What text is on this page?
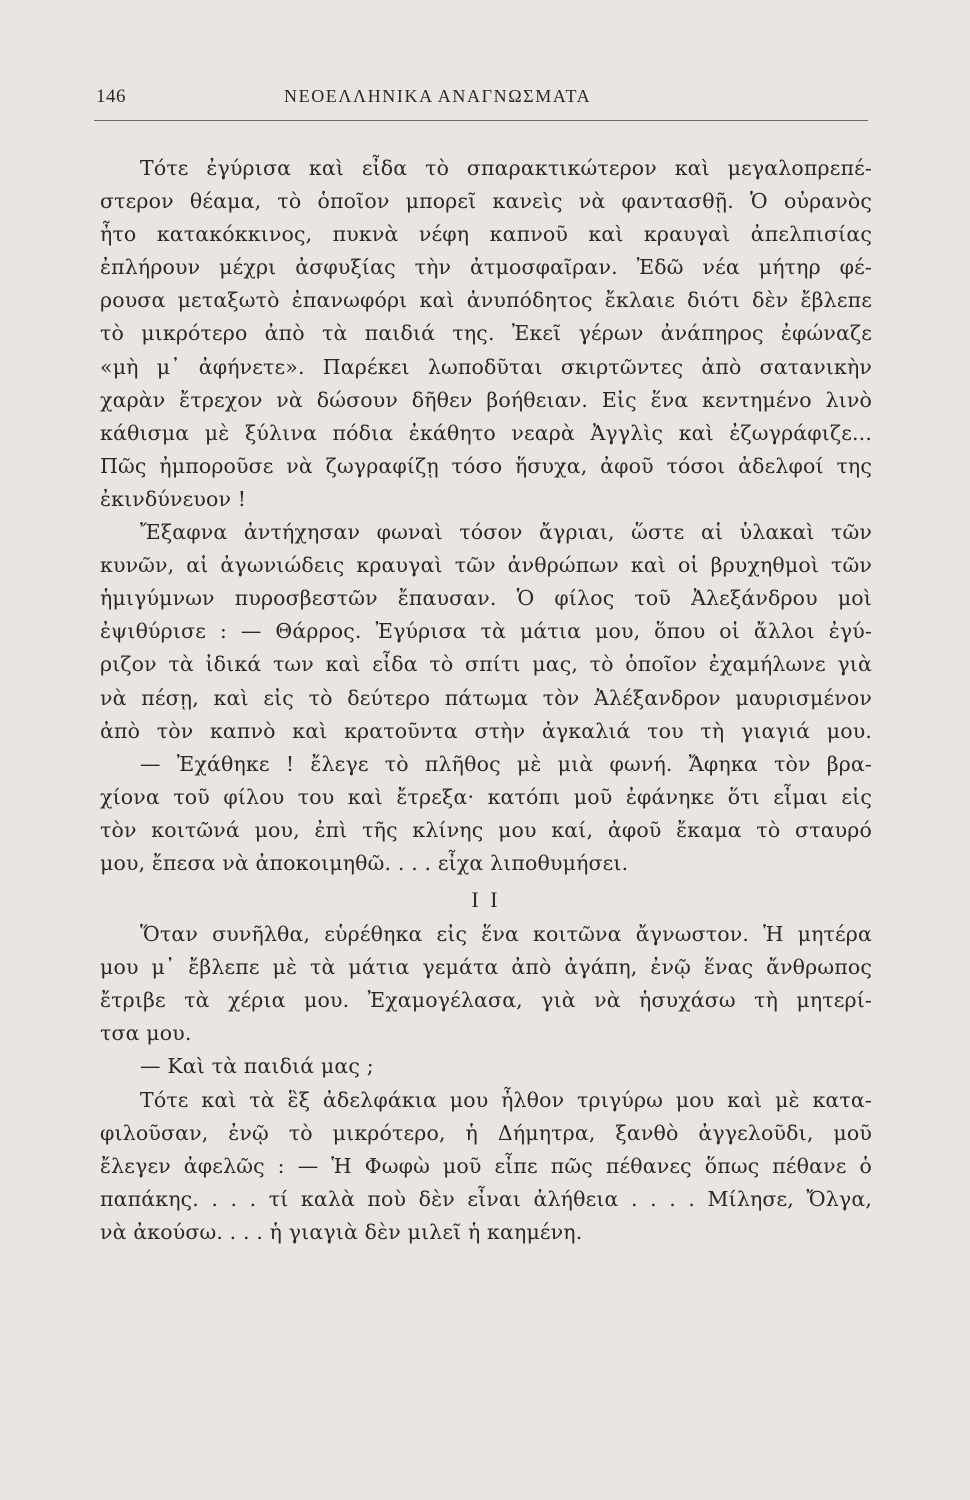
146	ΝΕΟΕΛΛΗΝΙΚΑ ΑΝΑΓΝΩΣΜΑΤΑ
Τότε ἐγύρισα καὶ εἶδα τὸ σπαρακτικώτερον καὶ μεγαλοπρεπέ-
στερον θέαμα, τὸ ὁποῖον μπορεῖ κανεὶς νὰ φαντασθῇ. Ὁ οὐρανὸς
ἦτο κατακόκκινος, πυκνὰ νέφη καπνοῦ καὶ κραυγαὶ ἀπελπισίας
ἐπλήρουν μέχρι ἀσφυξίας τὴν ἀτμοσφαῖραν. Ἐδῶ νέα μήτηρ φέ-
ρουσα μεταξωτὸ ἐπανωφόρι καὶ ἀνυπόδητος ἔκλαιε διότι δὲν ἔβλεπε
τὸ μικρότερο ἀπὸ τὰ παιδιά της. Ἐκεῖ γέρων ἀνάπηρος ἐφώναζε
«μὴ μ᾽ ἀφήνετε». Παρέκει λωποδῦται σκιρτῶντες ἀπὸ σατανικὴν
χαρὰν ἔτρεχον νὰ δώσουν δῆθεν βοήθειαν. Εἰς ἕνα κεντημένο λινὸ
κάθισμα μὲ ξύλινα πόδια ἐκάθητο νεαρὰ Ἀγγλὶς καὶ ἐζωγράφιζε...
Πῶς ἠμποροῦσε νὰ ζωγραφίζῃ τόσο ἥσυχα, ἀφοῦ τόσοι ἀδελφοί της
ἐκινδύνευον !
Ἔξαφνα ἀντήχησαν φωναὶ τόσον ἄγριαι, ὥστε αἱ ὑλακαὶ τῶν
κυνῶν, αἱ ἀγωνιώδεις κραυγαὶ τῶν ἀνθρώπων καὶ οἱ βρυχηθμοὶ τῶν
ἡμιγύμνων πυροσβεστῶν ἔπαυσαν. Ὁ φίλος τοῦ Ἀλεξάνδρου μοὶ
ἐψιθύρισε : — Θάρρος. Ἐγύρισα τὰ μάτια μου, ὅπου οἱ ἄλλοι ἐγύ-
ριζον τὰ ἰδικά των καὶ εἶδα τὸ σπίτι μας, τὸ ὁποῖον ἐχαμήλωνε γιὰ
νὰ πέσῃ, καὶ εἰς τὸ δεύτερο πάτωμα τὸν Ἀλέξανδρον μαυρισμένον
ἀπὸ τὸν καπνὸ καὶ κρατοῦντα στὴν ἀγκαλιά του τὴ γιαγιά μου.
— Ἐχάθηκε ! ἔλεγε τὸ πλῆθος μὲ μιὰ φωνή. Ἄφηκα τὸν βρα-
χίονα τοῦ φίλου του καὶ ἔτρεξα· κατόπι μοῦ ἐφάνηκε ὅτι εἶμαι εἰς
τὸν κοιτῶνά μου, ἐπὶ τῆς κλίνης μου καί, ἀφοῦ ἔκαμα τὸ σταυρό
μου, ἔπεσα νὰ ἀποκοιμηθῶ. . . . εἶχα λιποθυμήσει.
Ι Ι
Ὅταν συνῆλθα, εὑρέθηκα εἰς ἕνα κοιτῶνα ἄγνωστον. Ἡ μητέρα
μου μ᾽ ἔβλεπε μὲ τὰ μάτια γεμάτα ἀπὸ ἀγάπη, ἐνῷ ἕνας ἄνθρωπος
ἔτριβε τὰ χέρια μου. Ἐχαμογέλασα, γιὰ νὰ ἡσυχάσω τὴ μητερί-
τσα μου.
— Καὶ τὰ παιδιά μας ;
Τότε καὶ τὰ ἓξ ἀδελφάκια μου ἦλθον τριγύρω μου καὶ μὲ κατα-
φιλοῦσαν, ἐνῷ τὸ μικρότερο, ἡ Δήμητρα, ξανθὸ ἀγγελοῦδι, μοῦ
ἔλεγεν ἀφελῶς : — Ἡ Φωφὼ μοῦ εἶπε πῶς πέθανες ὅπως πέθανε ὁ
παπάκης. . . . τί καλὰ ποὺ δὲν εἶναι ἀλήθεια . . . . Μίλησε, Ὄλγα,
νὰ ἀκούσω. . . . ἡ γιαγιὰ δὲν μιλεῖ ἡ καημένη.
